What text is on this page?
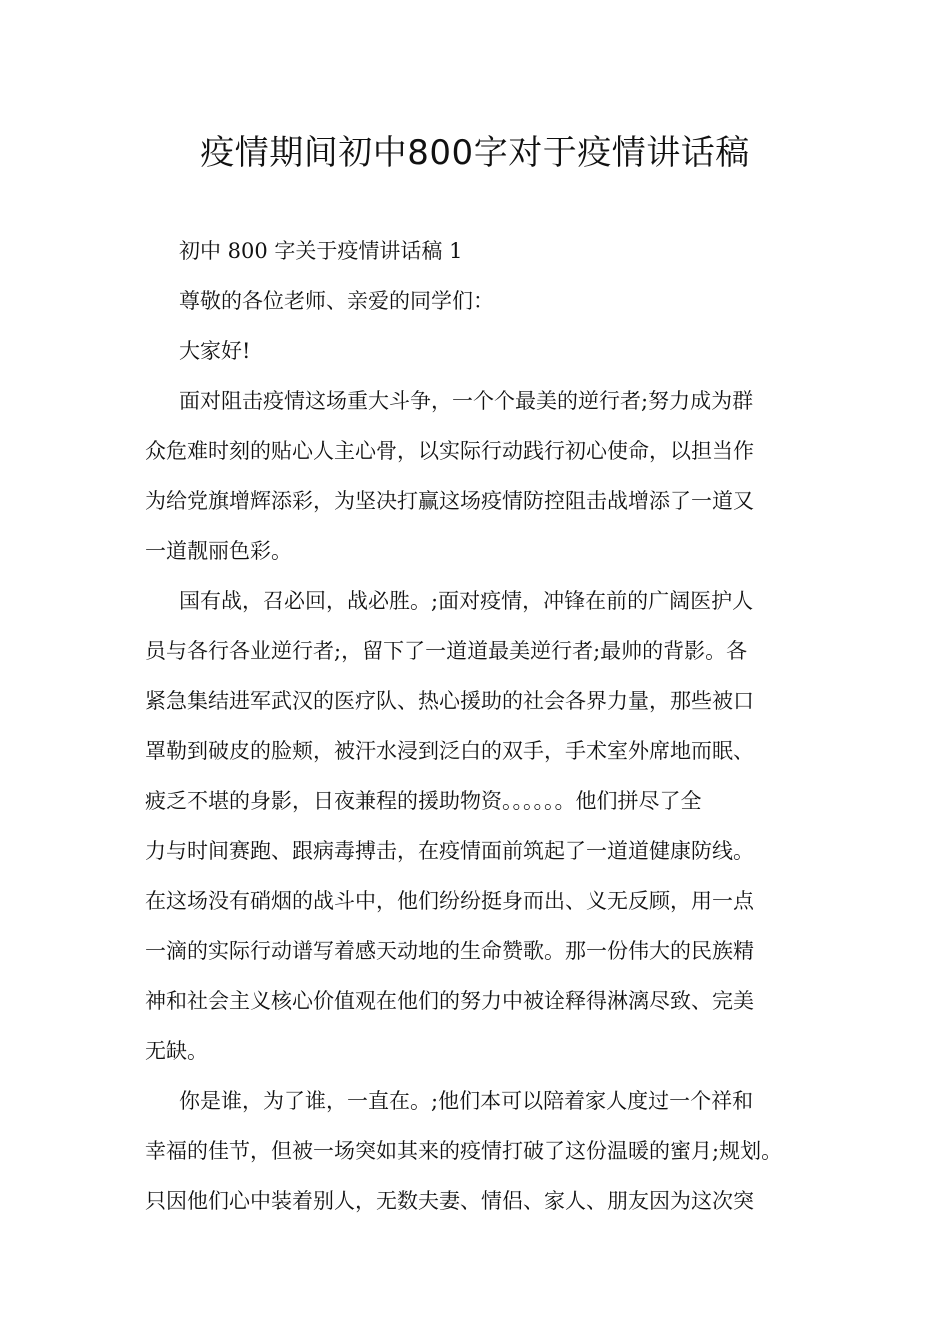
疫情期间初中800字对于疫情讲话稿

初中 800 字关于疫情讲话稿 1

尊敬的各位老师、亲爱的同学们：

大家好!

面对阻击疫情这场重大斗争，一个个最美的逆行者;努力成为群
众危难时刻的贴心人主心骨，以实际行动践行初心使命，以担当作
为给党旗增辉添彩，为坚决打赢这场疫情防控阻击战增添了一道又
一道靓丽色彩。

国有战，召必回，战必胜。;面对疫情，冲锋在前的广阔医护人
员与各行各业逆行者;，留下了一道道最美逆行者;最帅的背影。各
紧急集结进军武汉的医疗队、热心援助的社会各界力量，那些被口
罩勒到破皮的脸颊，被汗水浸到泛白的双手，手术室外席地而眠、
疲乏不堪的身影，日夜兼程的援助物资。。。。。。他们拼尽了全
力与时间赛跑、跟病毒搏击，在疫情面前筑起了一道道健康防线。
在这场没有硝烟的战斗中，他们纷纷挺身而出、义无反顾，用一点
一滴的实际行动谱写着感天动地的生命赞歌。那一份伟大的民族精
神和社会主义核心价值观在他们的努力中被诠释得淋漓尽致、完美
无缺。

你是谁，为了谁，一直在。;他们本可以陪着家人度过一个祥和
幸福的佳节，但被一场突如其来的疫情打破了这份温暖的蜜月;规划。
只因他们心中装着别人，无数夫妻、情侣、家人、朋友因为这次突
